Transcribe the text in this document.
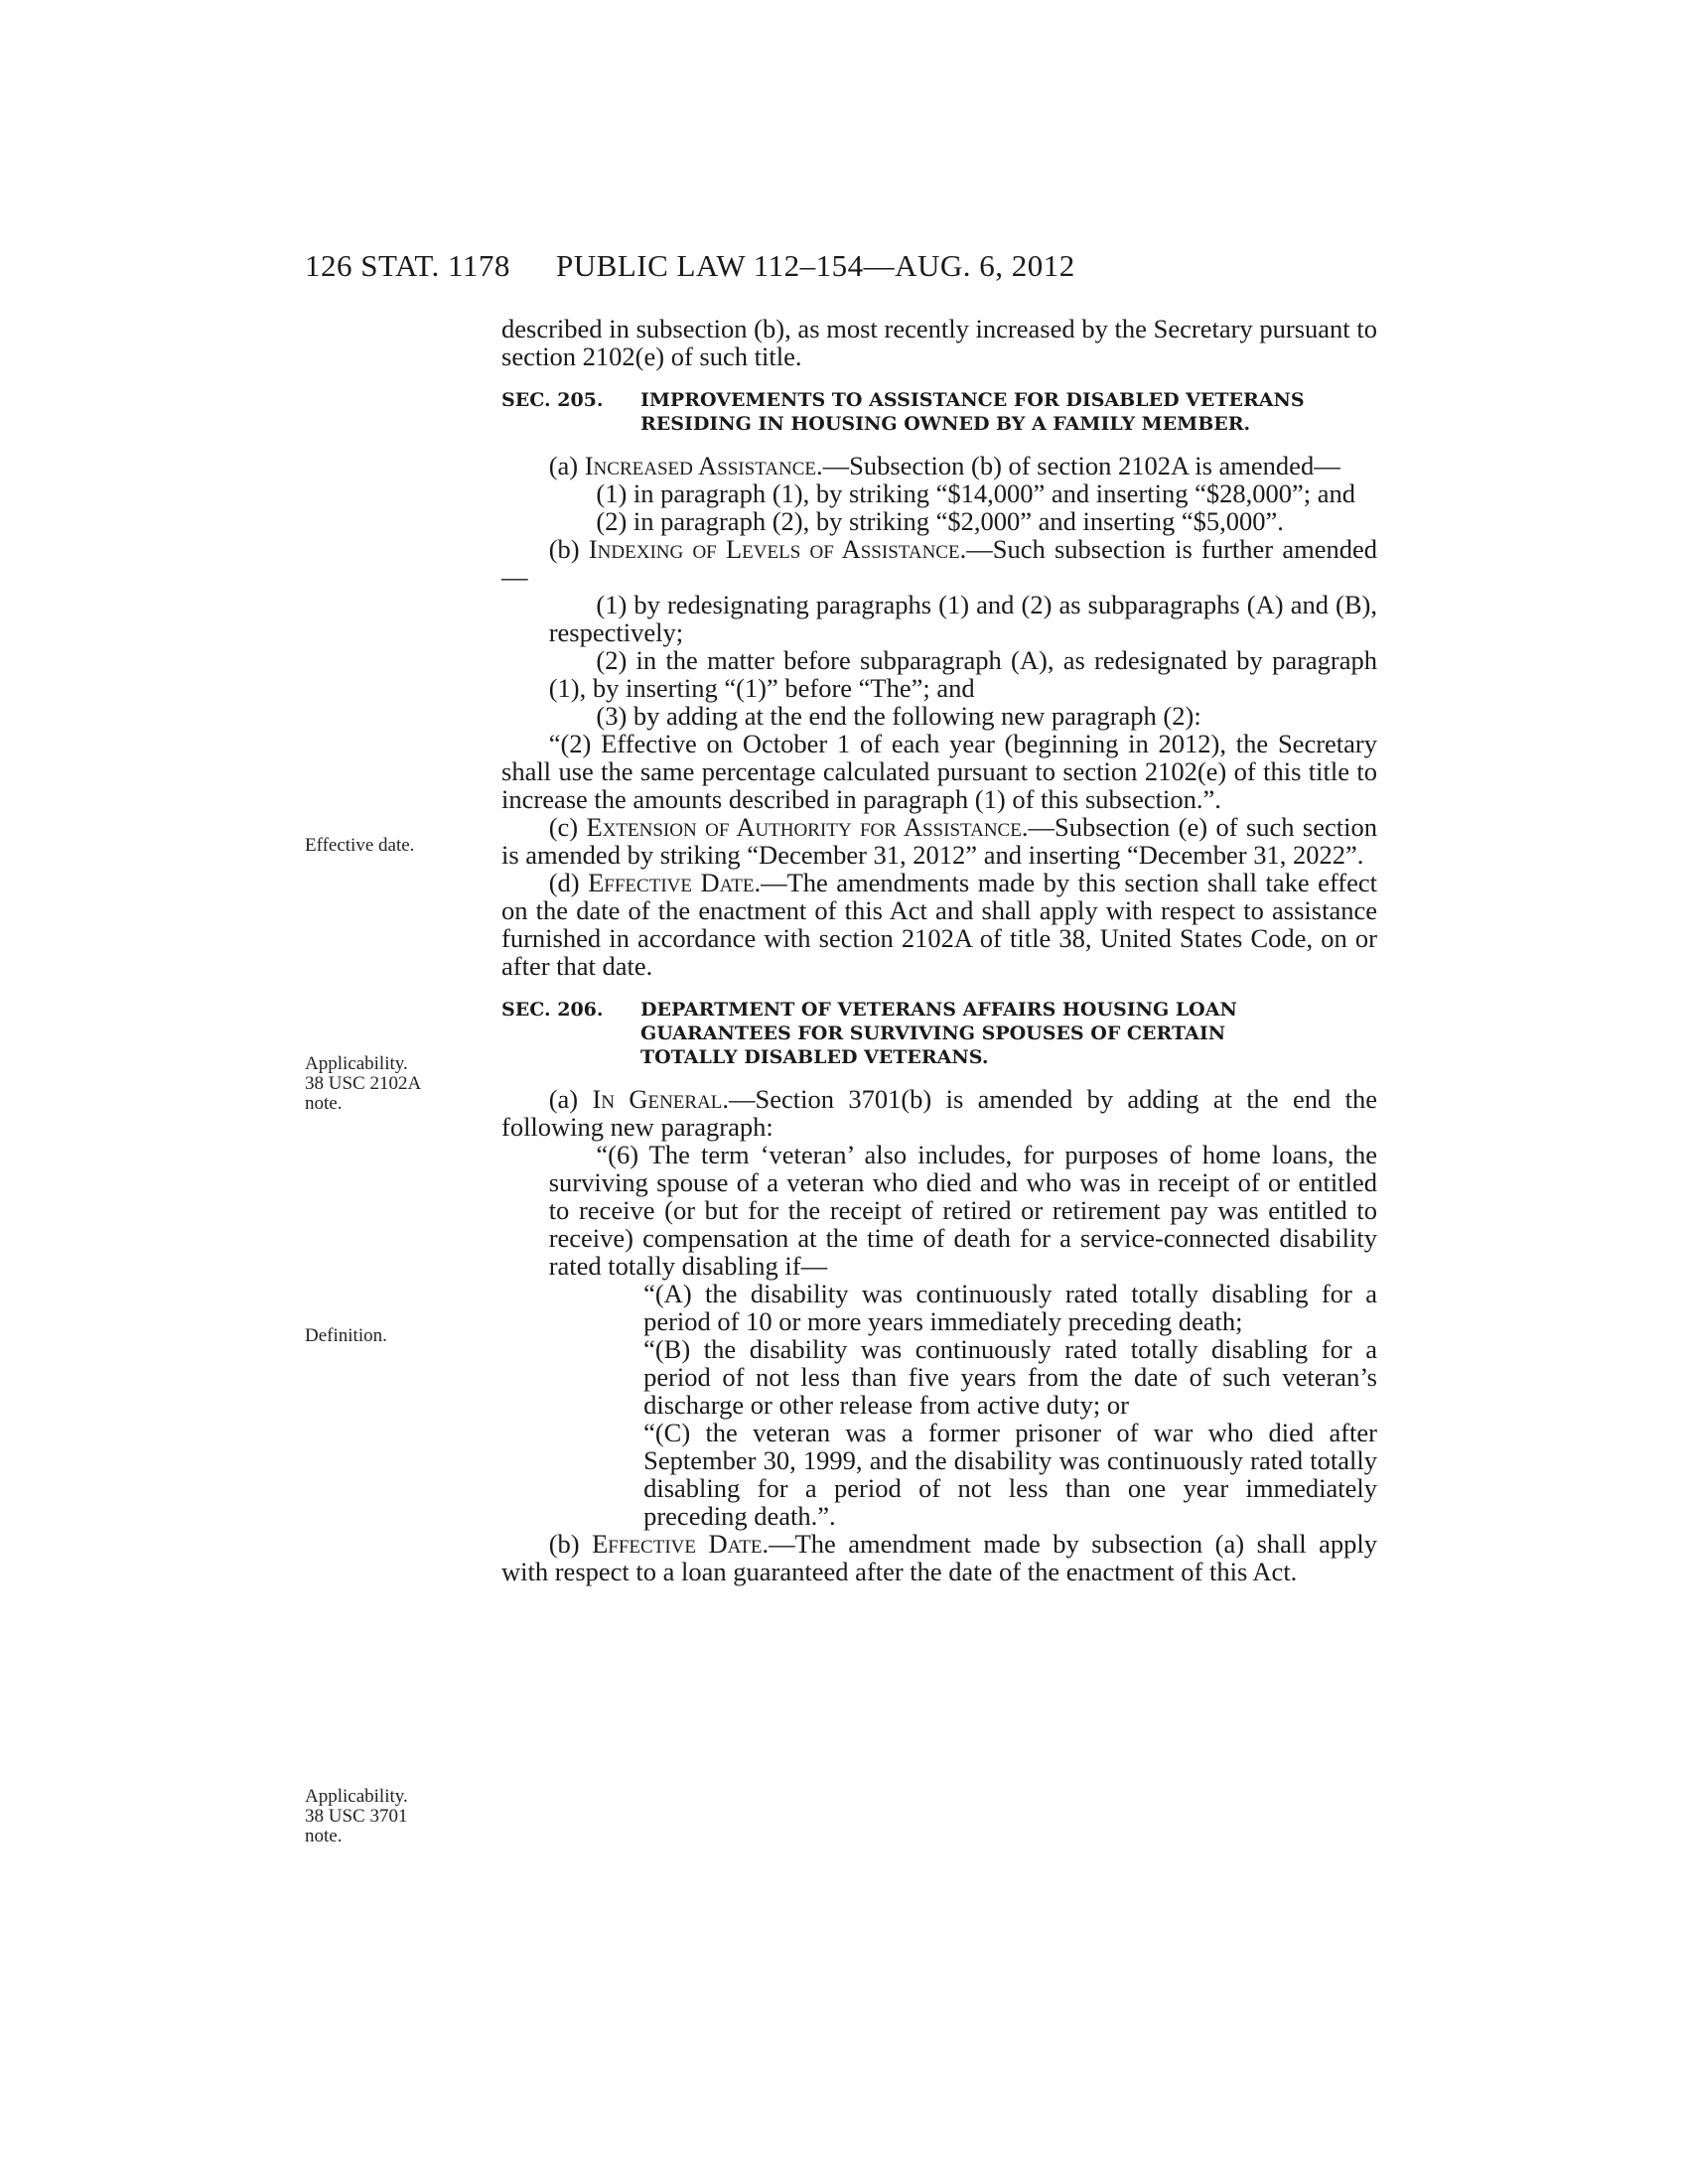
126 STAT. 1178 PUBLIC LAW 112–154—AUG. 6, 2012
Effective date.
Applicability.
38 USC 2102A
note.
Definition.
Applicability.
38 USC 3701
note.

described in subsection (b), as most recently increased by the Secretary pursuant to section 2102(e) of such title.

SEC. 205. IMPROVEMENTS TO ASSISTANCE FOR DISABLED VETERANS
RESIDING IN HOUSING OWNED BY A FAMILY MEMBER.

(a) Increased Assistance.—Subsection (b) of section 2102A is amended—

(1) in paragraph (1), by striking “$14,000” and inserting “$28,000”; and

(2) in paragraph (2), by striking “$2,000” and inserting “$5,000”.

(b) Indexing of Levels of Assistance.—Such subsection is further amended—

(1) by redesignating paragraphs (1) and (2) as subparagraphs (A) and (B), respectively;

(2) in the matter before subparagraph (A), as redesignated by paragraph (1), by inserting “(1)” before “The”; and

(3) by adding at the end the following new paragraph (2):

“(2) Effective on October 1 of each year (beginning in 2012), the Secretary shall use the same percentage calculated pursuant to section 2102(e) of this title to increase the amounts described in paragraph (1) of this subsection.”.

(c) Extension of Authority for Assistance.—Subsection (e) of such section is amended by striking “December 31, 2012” and inserting “December 31, 2022”.

(d) Effective Date.—The amendments made by this section shall take effect on the date of the enactment of this Act and shall apply with respect to assistance furnished in accordance with section 2102A of title 38, United States Code, on or after that date.

SEC. 206. DEPARTMENT OF VETERANS AFFAIRS HOUSING LOAN
GUARANTEES FOR SURVIVING SPOUSES OF CERTAIN
TOTALLY DISABLED VETERANS.

(a) In General.—Section 3701(b) is amended by adding at the end the following new paragraph:

“(6) The term ‘veteran’ also includes, for purposes of home loans, the surviving spouse of a veteran who died and who was in receipt of or entitled to receive (or but for the receipt of retired or retirement pay was entitled to receive) compensation at the time of death for a service-connected disability rated totally disabling if—

“(A) the disability was continuously rated totally disabling for a period of 10 or more years immediately preceding death;

“(B) the disability was continuously rated totally disabling for a period of not less than five years from the date of such veteran’s discharge or other release from active duty; or

“(C) the veteran was a former prisoner of war who died after September 30, 1999, and the disability was continuously rated totally disabling for a period of not less than one year immediately preceding death.”.

(b) Effective Date.—The amendment made by subsection (a) shall apply with respect to a loan guaranteed after the date of the enactment of this Act.
